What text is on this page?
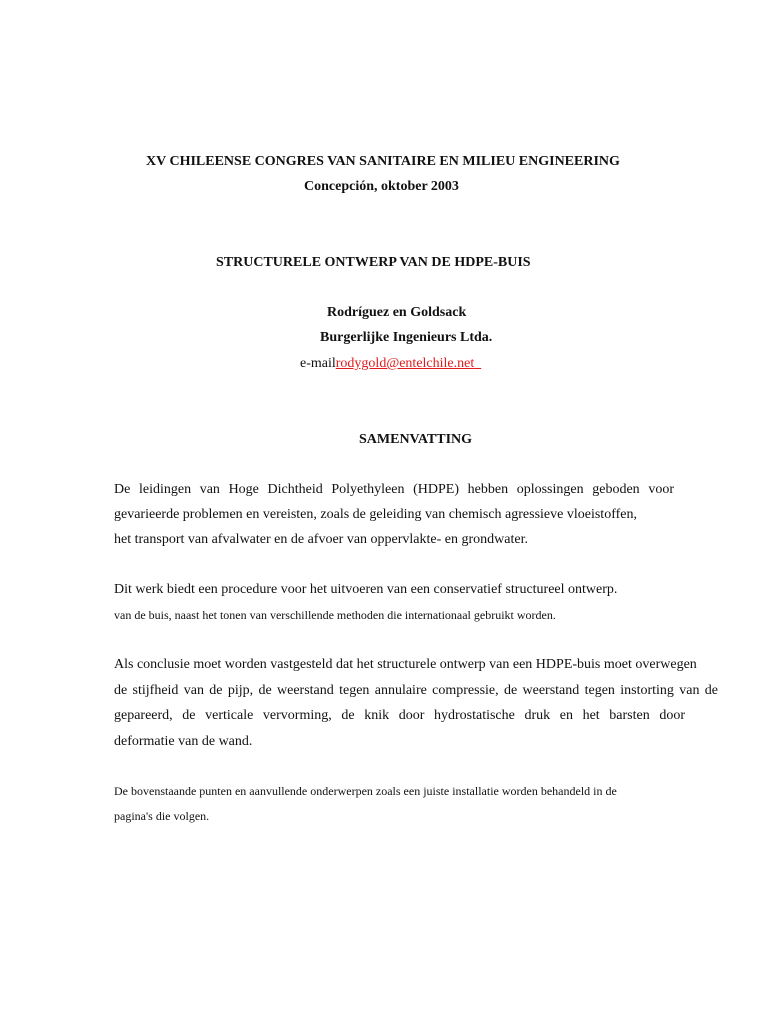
XV CHILEENSE CONGRES VAN SANITAIRE EN MILIEU ENGINEERING
Concepción, oktober 2003
STRUCTURELE ONTWERP VAN DE HDPE-BUIS
Rodríguez en Goldsack
Burgerlijke Ingenieurs Ltda.
e-mailrodygold@entelchile.net
SAMENVATTING
De leidingen van Hoge Dichtheid Polyethyleen (HDPE) hebben oplossingen geboden voor
gevarieerde problemen en vereisten, zoals de geleiding van chemisch agressieve vloeistoffen,
het transport van afvalwater en de afvoer van oppervlakte- en grondwater.
Dit werk biedt een procedure voor het uitvoeren van een conservatief structureel ontwerp.
van de buis, naast het tonen van verschillende methoden die internationaal gebruikt worden.
Als conclusie moet worden vastgesteld dat het structurele ontwerp van een HDPE-buis moet overwegen
de stijfheid van de pijp, de weerstand tegen annulaire compressie, de weerstand tegen instorting van de
gepareerd, de verticale vervorming, de knik door hydrostatische druk en het barsten door
deformatie van de wand.
De bovenstaande punten en aanvullende onderwerpen zoals een juiste installatie worden behandeld in de
pagina's die volgen.
